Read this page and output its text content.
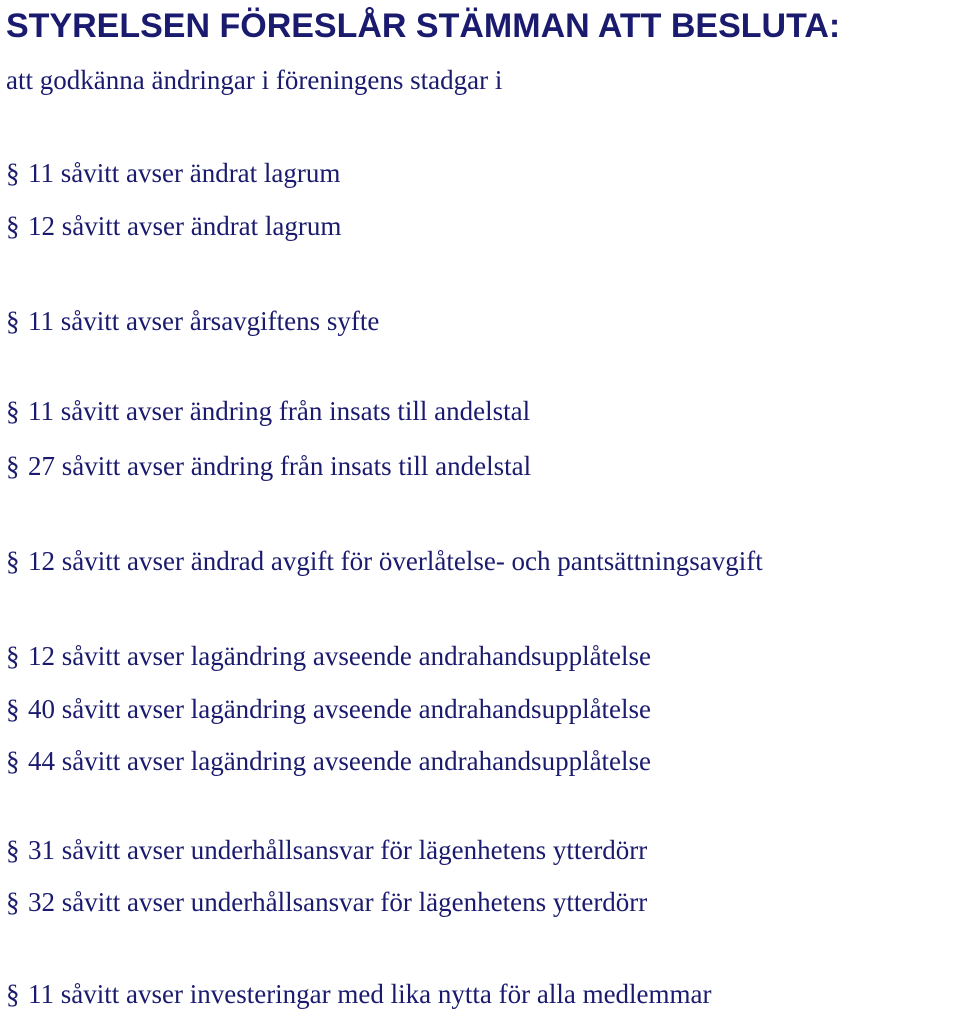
STYRELSEN FÖRESLÅR STÄMMAN ATT BESLUTA:

att godkänna ändringar i föreningens stadgar i

§ 11 såvitt avser ändrat lagrum

§ 12 såvitt avser ändrat lagrum

§ 11 såvitt avser årsavgiftens syfte

§ 11 såvitt avser ändring från insats till andelstal

§ 27 såvitt avser ändring från insats till andelstal

§ 12 såvitt avser ändrad avgift för överlåtelse- och pantsättningsavgift

§ 12 såvitt avser lagändring avseende andrahandsupplåtelse

§ 40 såvitt avser lagändring avseende andrahandsupplåtelse

§ 44 såvitt avser lagändring avseende andrahandsupplåtelse

§ 31 såvitt avser underhållsansvar för lägenhetens ytterdörr

§ 32 såvitt avser underhållsansvar för lägenhetens ytterdörr

§ 11 såvitt avser investeringar med lika nytta för alla medlemmar
